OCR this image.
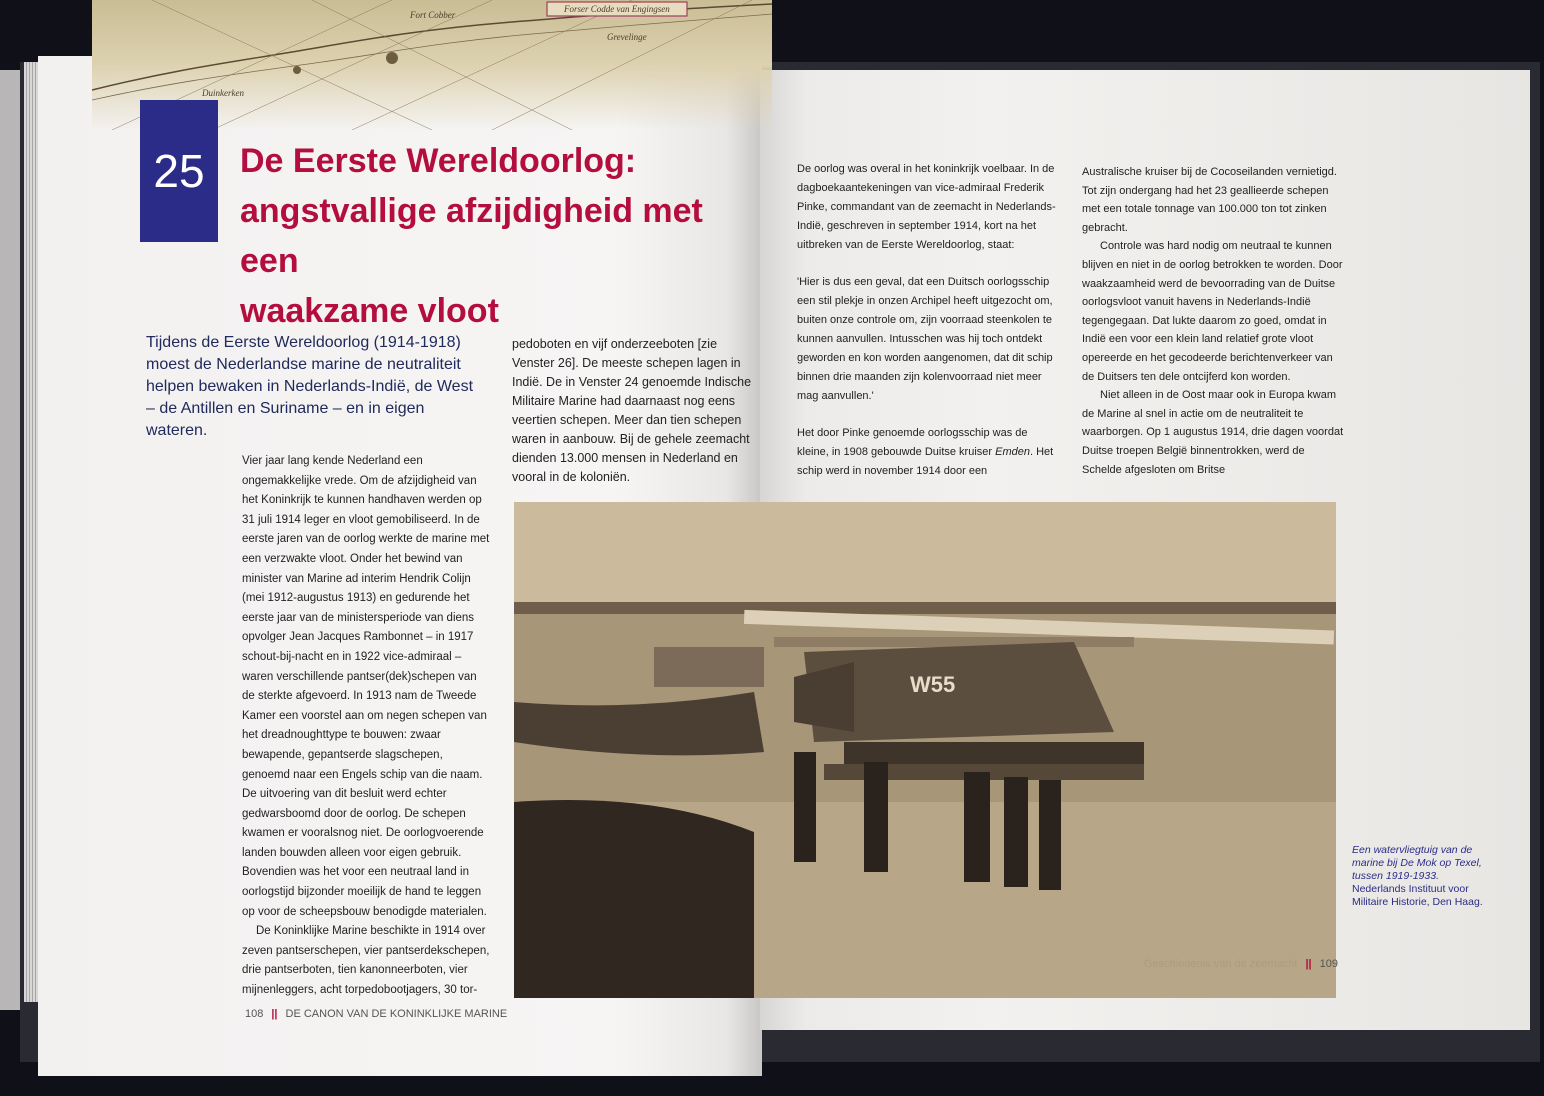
Duinkerken
Grevelinge
Forser Codde van Engingsen
Fort Cobber
25	De Eerste Wereldoorlog:
angstvallige afzijdigheid met een
waakzame vloot

Tijdens de Eerste Wereldoorlog (1914-1918) moest de Nederlandse marine de neutraliteit helpen bewaken in Nederlands-Indië, de West – de Antillen en Suriname – en in eigen wateren.

Vier jaar lang kende Nederland een ongemakkelijke vrede. Om de afzijdigheid van het Koninkrijk te kunnen handhaven werden op 31 juli 1914 leger en vloot gemobiliseerd. In de eerste jaren van de oorlog werkte de marine met een verzwakte vloot. Onder het bewind van minister van Marine ad interim Hendrik Colijn (mei 1912-augustus 1913) en gedurende het eerste jaar van de ministersperiode van diens opvolger Jean Jacques Rambonnet – in 1917 schout-bij-nacht en in 1922 vice-admiraal – waren verschillende pantser(dek)schepen van de sterkte afgevoerd. In 1913 nam de Tweede Kamer een voorstel aan om negen schepen van het dreadnoughttype te bouwen: zwaar bewapende, gepantserde slagschepen, genoemd naar een Engels schip van die naam. De uitvoering van dit besluit werd echter gedwarsboomd door de oorlog. De schepen kwamen er vooralsnog niet. De oorlogvoerende landen bouwden alleen voor eigen gebruik. Bovendien was het voor een neutraal land in oorlogstijd bijzonder moeilijk de hand te leggen op voor de scheepsbouw benodigde materialen.

De Koninklijke Marine beschikte in 1914 over zeven pantserschepen, vier pantserdekschepen, drie pantserboten, tien kanonneerboten, vier mijnenleggers, acht torpedobootjagers, 30 tor-

pedoboten en vijf onderzeeboten [zie Venster 26]. De meeste schepen lagen in Indië. De in Venster 24 genoemde Indische Militaire Marine had daarnaast nog eens veertien schepen. Meer dan tien schepen waren in aanbouw. Bij de gehele zeemacht dienden 13.000 mensen in Nederland en vooral in de koloniën.

De oorlog was overal in het koninkrijk voelbaar. In de dagboekaantekeningen van vice-admiraal Frederik Pinke, commandant van de zeemacht in Nederlands-Indië, geschreven in september 1914, kort na het uitbreken van de Eerste Wereldoorlog, staat:

'Hier is dus een geval, dat een Duitsch oorlogsschip een stil plekje in onzen Archipel heeft uitgezocht om, buiten onze controle om, zijn voorraad steenkolen te kunnen aanvullen. Intusschen was hij toch ontdekt geworden en kon worden aangenomen, dat dit schip binnen drie maanden zijn kolenvoorraad niet meer mag aanvullen.'

Het door Pinke genoemde oorlogsschip was de kleine, in 1908 gebouwde Duitse kruiser Emden. Het schip werd in november 1914 door een

Australische kruiser bij de Cocoseilanden vernietigd. Tot zijn ondergang had het 23 geallieerde schepen met een totale tonnage van 100.000 ton tot zinken gebracht.

Controle was hard nodig om neutraal te kunnen blijven en niet in de oorlog betrokken te worden. Door waakzaamheid werd de bevoorrading van de Duitse oorlogsvloot vanuit havens in Nederlands-Indië tegengegaan. Dat lukte daarom zo goed, omdat in Indië een voor een klein land relatief grote vloot opereerde en het gecodeerde berichtenverkeer van de Duitsers ten dele ontcijferd kon worden.

Niet alleen in de Oost maar ook in Europa kwam de Marine al snel in actie om de neutraliteit te waarborgen. Op 1 augustus 1914, drie dagen voordat Duitse troepen België binnentrokken, werd de Schelde afgesloten om Britse

W55
Een watervliegtuig van de marine bij De Mok op Texel, tussen 1919-1933.
Nederlands Instituut voor Militaire Historie, Den Haag.
108 || DE CANON VAN DE KONINKLIJKE MARINE
Geschiedenis van de zeemacht || 109
